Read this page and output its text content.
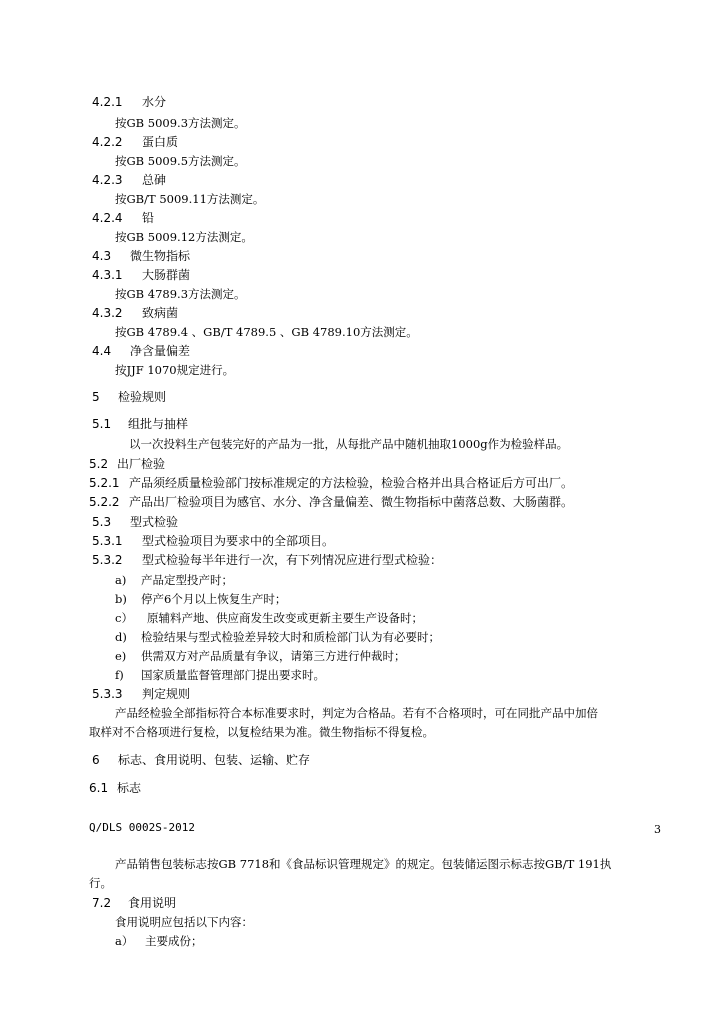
4.2.1 水分
按GB 5009.3方法测定。
4.2.2 蛋白质
按GB 5009.5方法测定。
4.2.3 总砷
按GB/T 5009.11方法测定。
4.2.4 铅
按GB 5009.12方法测定。
4.3 微生物指标
4.3.1 大肠群菌
按GB 4789.3方法测定。
4.3.2 致病菌
按GB 4789.4 、GB/T 4789.5 、GB 4789.10方法测定。
4.4 净含量偏差
按JJF 1070规定进行。
5 检验规则
5.1 组批与抽样
以一次投料生产包装完好的产品为一批，从每批产品中随机抽取1000g作为检验样品。
5.2 出厂检验
5.2.1 产品须经质量检验部门按标准规定的方法检验，检验合格并出具合格证后方可出厂。
5.2.2 产品出厂检验项目为感官、水分、净含量偏差、微生物指标中菌落总数、大肠菌群。
5.3 型式检验
5.3.1 型式检验项目为要求中的全部项目。
5.3.2 型式检验每半年进行一次，有下列情况应进行型式检验：
a) 产品定型投产时；
b) 停产6个月以上恢复生产时；
c） 原辅料产地、供应商发生改变或更新主要生产设备时；
d) 检验结果与型式检验差异较大时和质检部门认为有必要时；
e) 供需双方对产品质量有争议，请第三方进行仲裁时；
f) 国家质量监督管理部门提出要求时。
5.3.3 判定规则
产品经检验全部指标符合本标准要求时，判定为合格品。若有不合格项时，可在同批产品中加倍
取样对不合格项进行复检，以复检结果为准。微生物指标不得复检。
6 标志、食用说明、包装、运输、贮存
6.1 标志
Q/DLS 0002S-2012	3
产品销售包装标志按GB 7718和《食品标识管理规定》的规定。包装储运图示标志按GB/T 191执
行。
7.2 食用说明
食用说明应包括以下内容：
a） 主要成份；
